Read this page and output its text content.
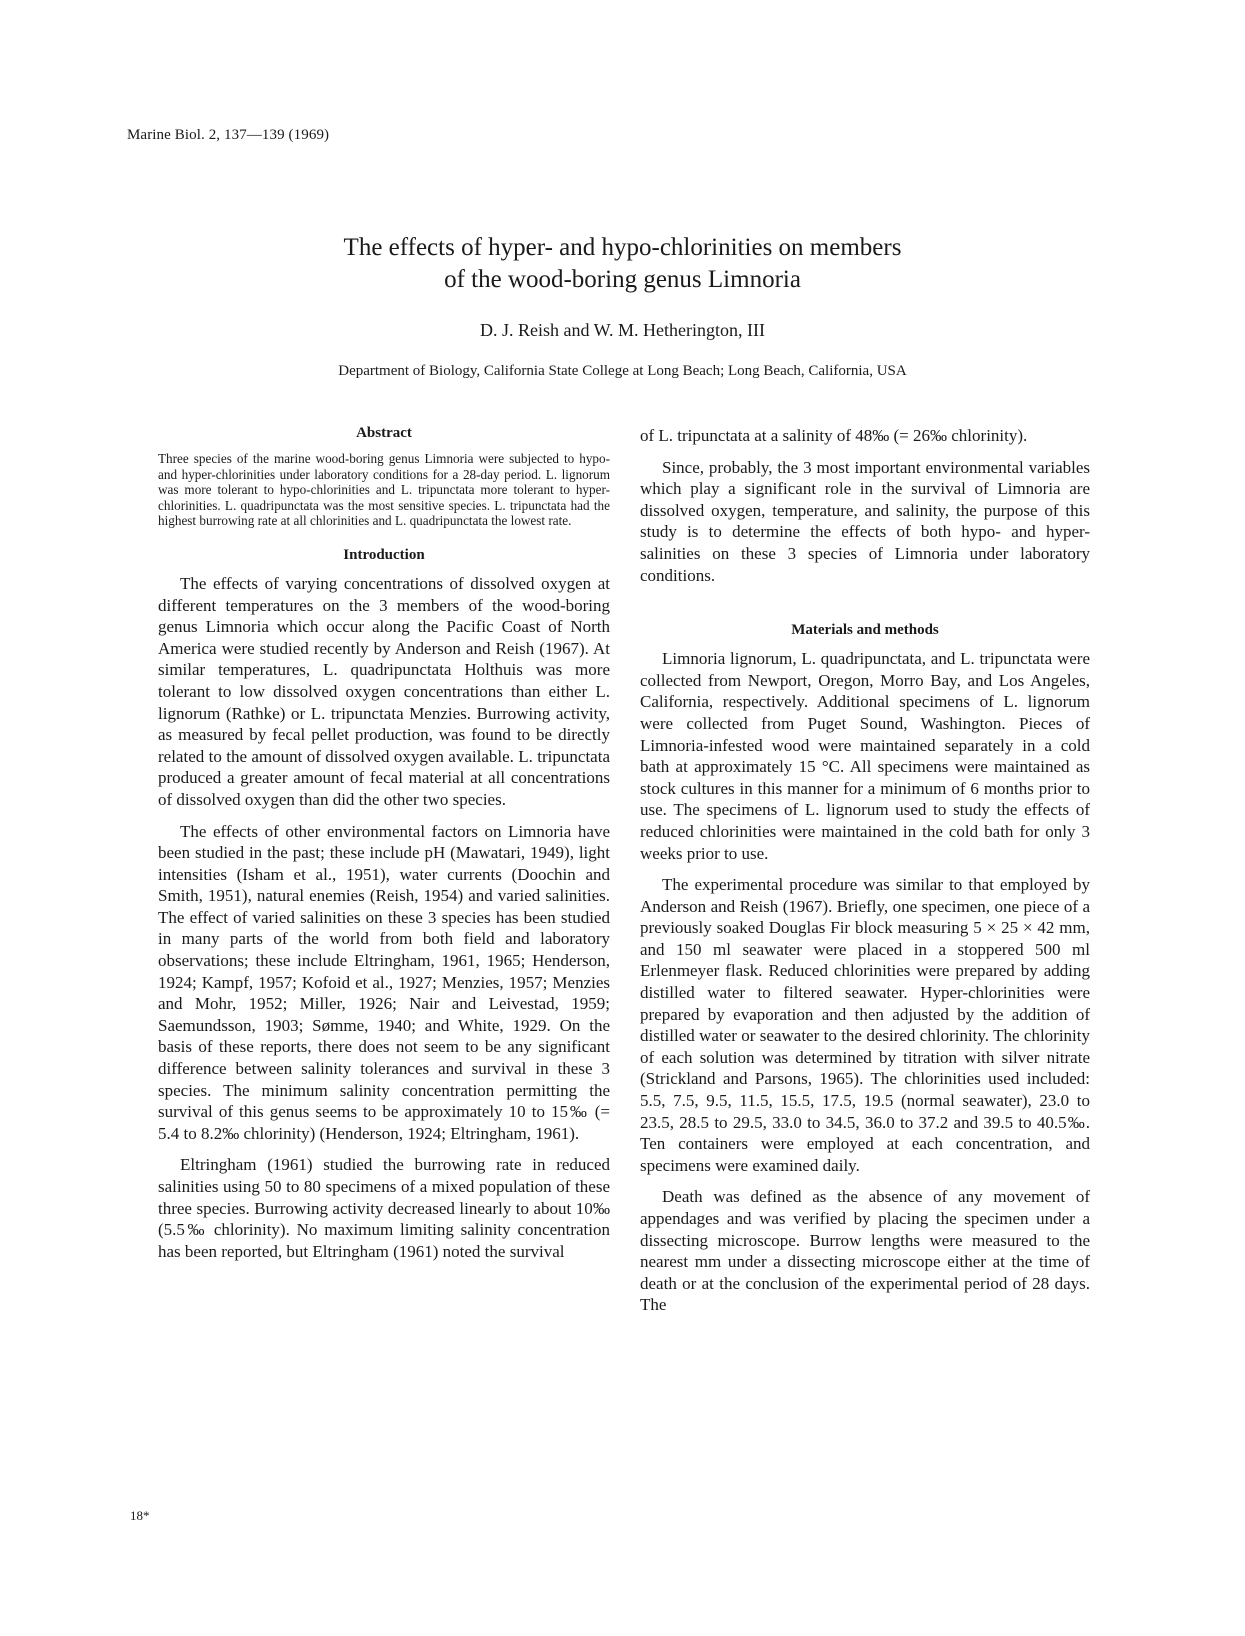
Marine Biol. 2, 137—139 (1969)
The effects of hyper- and hypo-chlorinities on members
of the wood-boring genus Limnoria
D. J. Reish and W. M. Hetherington, III
Department of Biology, California State College at Long Beach; Long Beach, California, USA
Abstract

Three species of the marine wood-boring genus Limnoria were subjected to hypo- and hyper-chlorinities under laboratory conditions for a 28-day period. L. lignorum was more tolerant to hypo-chlorinities and L. tripunctata more tolerant to hyper-chlorinities. L. quadripunctata was the most sensitive species. L. tripunctata had the highest burrowing rate at all chlorinities and L. quadripunctata the lowest rate.

Introduction

The effects of varying concentrations of dissolved oxygen at different temperatures on the 3 members of the wood-boring genus Limnoria which occur along the Pacific Coast of North America were studied recently by Anderson and Reish (1967). At similar temperatures, L. quadripunctata Holthuis was more tolerant to low dissolved oxygen concentrations than either L. lignorum (Rathke) or L. tripunctata Menzies. Burrowing activity, as measured by fecal pellet production, was found to be directly related to the amount of dissolved oxygen available. L. tripunctata produced a greater amount of fecal material at all concentrations of dissolved oxygen than did the other two species.

The effects of other environmental factors on Limnoria have been studied in the past; these include pH (Mawatari, 1949), light intensities (Isham et al., 1951), water currents (Doochin and Smith, 1951), natural enemies (Reish, 1954) and varied salinities. The effect of varied salinities on these 3 species has been studied in many parts of the world from both field and laboratory observations; these include Eltringham, 1961, 1965; Henderson, 1924; Kampf, 1957; Kofoid et al., 1927; Menzies, 1957; Menzies and Mohr, 1952; Miller, 1926; Nair and Leivestad, 1959; Saemundsson, 1903; Sømme, 1940; and White, 1929. On the basis of these reports, there does not seem to be any significant difference between salinity tolerances and survival in these 3 species. The minimum salinity concentration permitting the survival of this genus seems to be approximately 10 to 15‰ (= 5.4 to 8.2‰ chlorinity) (Henderson, 1924; Eltringham, 1961).

Eltringham (1961) studied the burrowing rate in reduced salinities using 50 to 80 specimens of a mixed population of these three species. Burrowing activity decreased linearly to about 10‰ (5.5‰ chlorinity). No maximum limiting salinity concentration has been reported, but Eltringham (1961) noted the survival

of L. tripunctata at a salinity of 48‰ (= 26‰ chlorinity).

Since, probably, the 3 most important environmental variables which play a significant role in the survival of Limnoria are dissolved oxygen, temperature, and salinity, the purpose of this study is to determine the effects of both hypo- and hyper-salinities on these 3 species of Limnoria under laboratory conditions.

Materials and methods

Limnoria lignorum, L. quadripunctata, and L. tripunctata were collected from Newport, Oregon, Morro Bay, and Los Angeles, California, respectively. Additional specimens of L. lignorum were collected from Puget Sound, Washington. Pieces of Limnoria-infested wood were maintained separately in a cold bath at approximately 15 °C. All specimens were maintained as stock cultures in this manner for a minimum of 6 months prior to use. The specimens of L. lignorum used to study the effects of reduced chlorinities were maintained in the cold bath for only 3 weeks prior to use.

The experimental procedure was similar to that employed by Anderson and Reish (1967). Briefly, one specimen, one piece of a previously soaked Douglas Fir block measuring 5 × 25 × 42 mm, and 150 ml seawater were placed in a stoppered 500 ml Erlenmeyer flask. Reduced chlorinities were prepared by adding distilled water to filtered seawater. Hyper-chlorinities were prepared by evaporation and then adjusted by the addition of distilled water or seawater to the desired chlorinity. The chlorinity of each solution was determined by titration with silver nitrate (Strickland and Parsons, 1965). The chlorinities used included: 5.5, 7.5, 9.5, 11.5, 15.5, 17.5, 19.5 (normal seawater), 23.0 to 23.5, 28.5 to 29.5, 33.0 to 34.5, 36.0 to 37.2 and 39.5 to 40.5‰. Ten containers were employed at each concentration, and specimens were examined daily.

Death was defined as the absence of any movement of appendages and was verified by placing the specimen under a dissecting microscope. Burrow lengths were measured to the nearest mm under a dissecting microscope either at the time of death or at the conclusion of the experimental period of 28 days. The

18*
